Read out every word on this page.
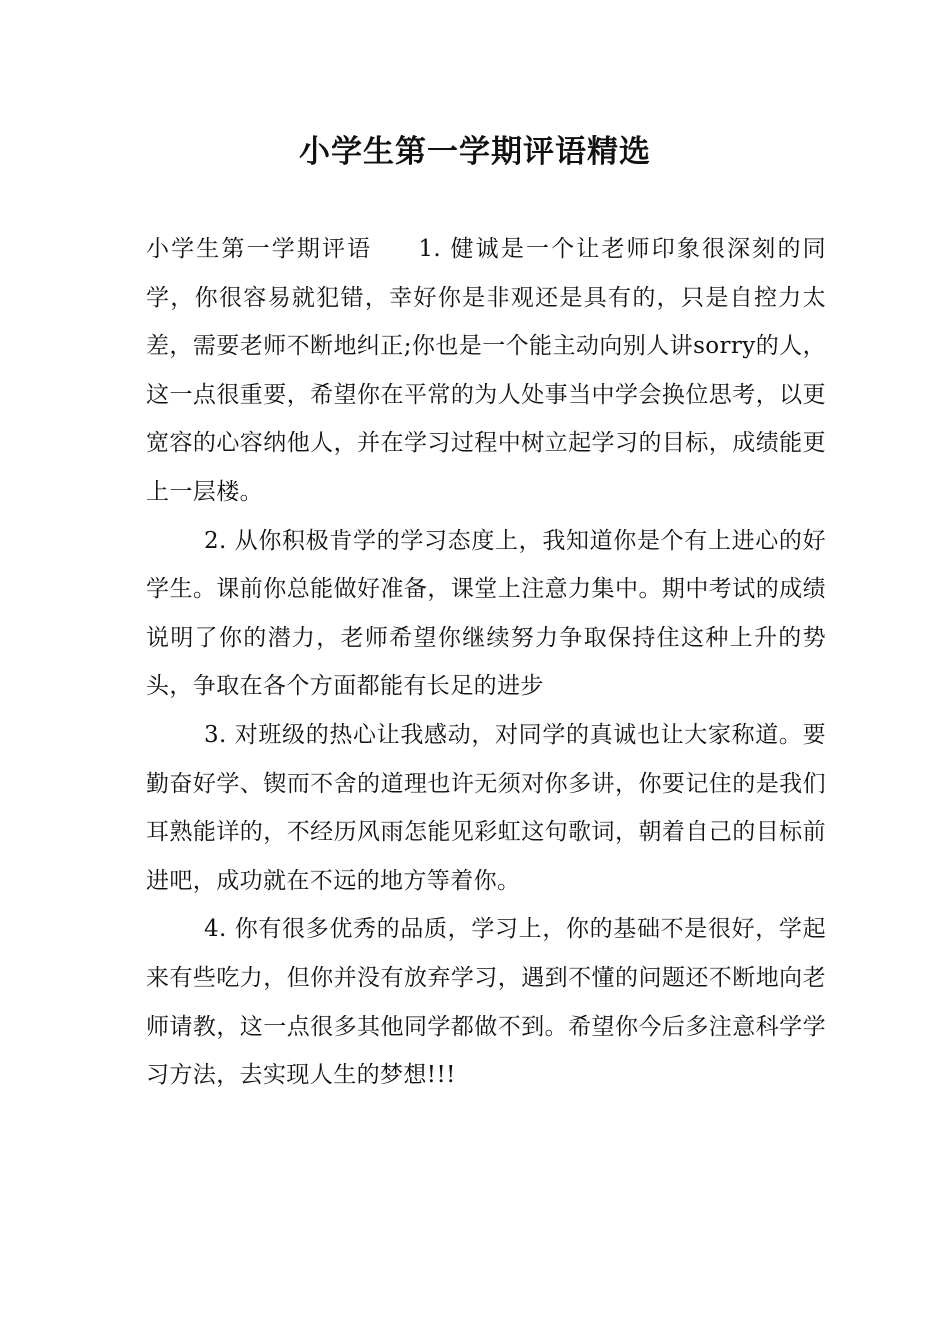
小学生第一学期评语精选

小学生第一学期评语 1. 健诚是一个让老师印象很深刻的同学，你很容易就犯错，幸好你是非观还是具有的，只是自控力太差，需要老师不断地纠正;你也是一个能主动向别人讲sorry的人，这一点很重要，希望你在平常的为人处事当中学会换位思考，以更宽容的心容纳他人，并在学习过程中树立起学习的目标，成绩能更上一层楼。

2. 从你积极肯学的学习态度上，我知道你是个有上进心的好学生。课前你总能做好准备，课堂上注意力集中。期中考试的成绩说明了你的潜力，老师希望你继续努力争取保持住这种上升的势头，争取在各个方面都能有长足的进步

3. 对班级的热心让我感动，对同学的真诚也让大家称道。要勤奋好学、锲而不舍的道理也许无须对你多讲，你要记住的是我们耳熟能详的，不经历风雨怎能见彩虹这句歌词，朝着自己的目标前进吧，成功就在不远的地方等着你。

4. 你有很多优秀的品质，学习上，你的基础不是很好，学起来有些吃力，但你并没有放弃学习，遇到不懂的问题还不断地向老师请教，这一点很多其他同学都做不到。希望你今后多注意科学学习方法，去实现人生的梦想!!!
